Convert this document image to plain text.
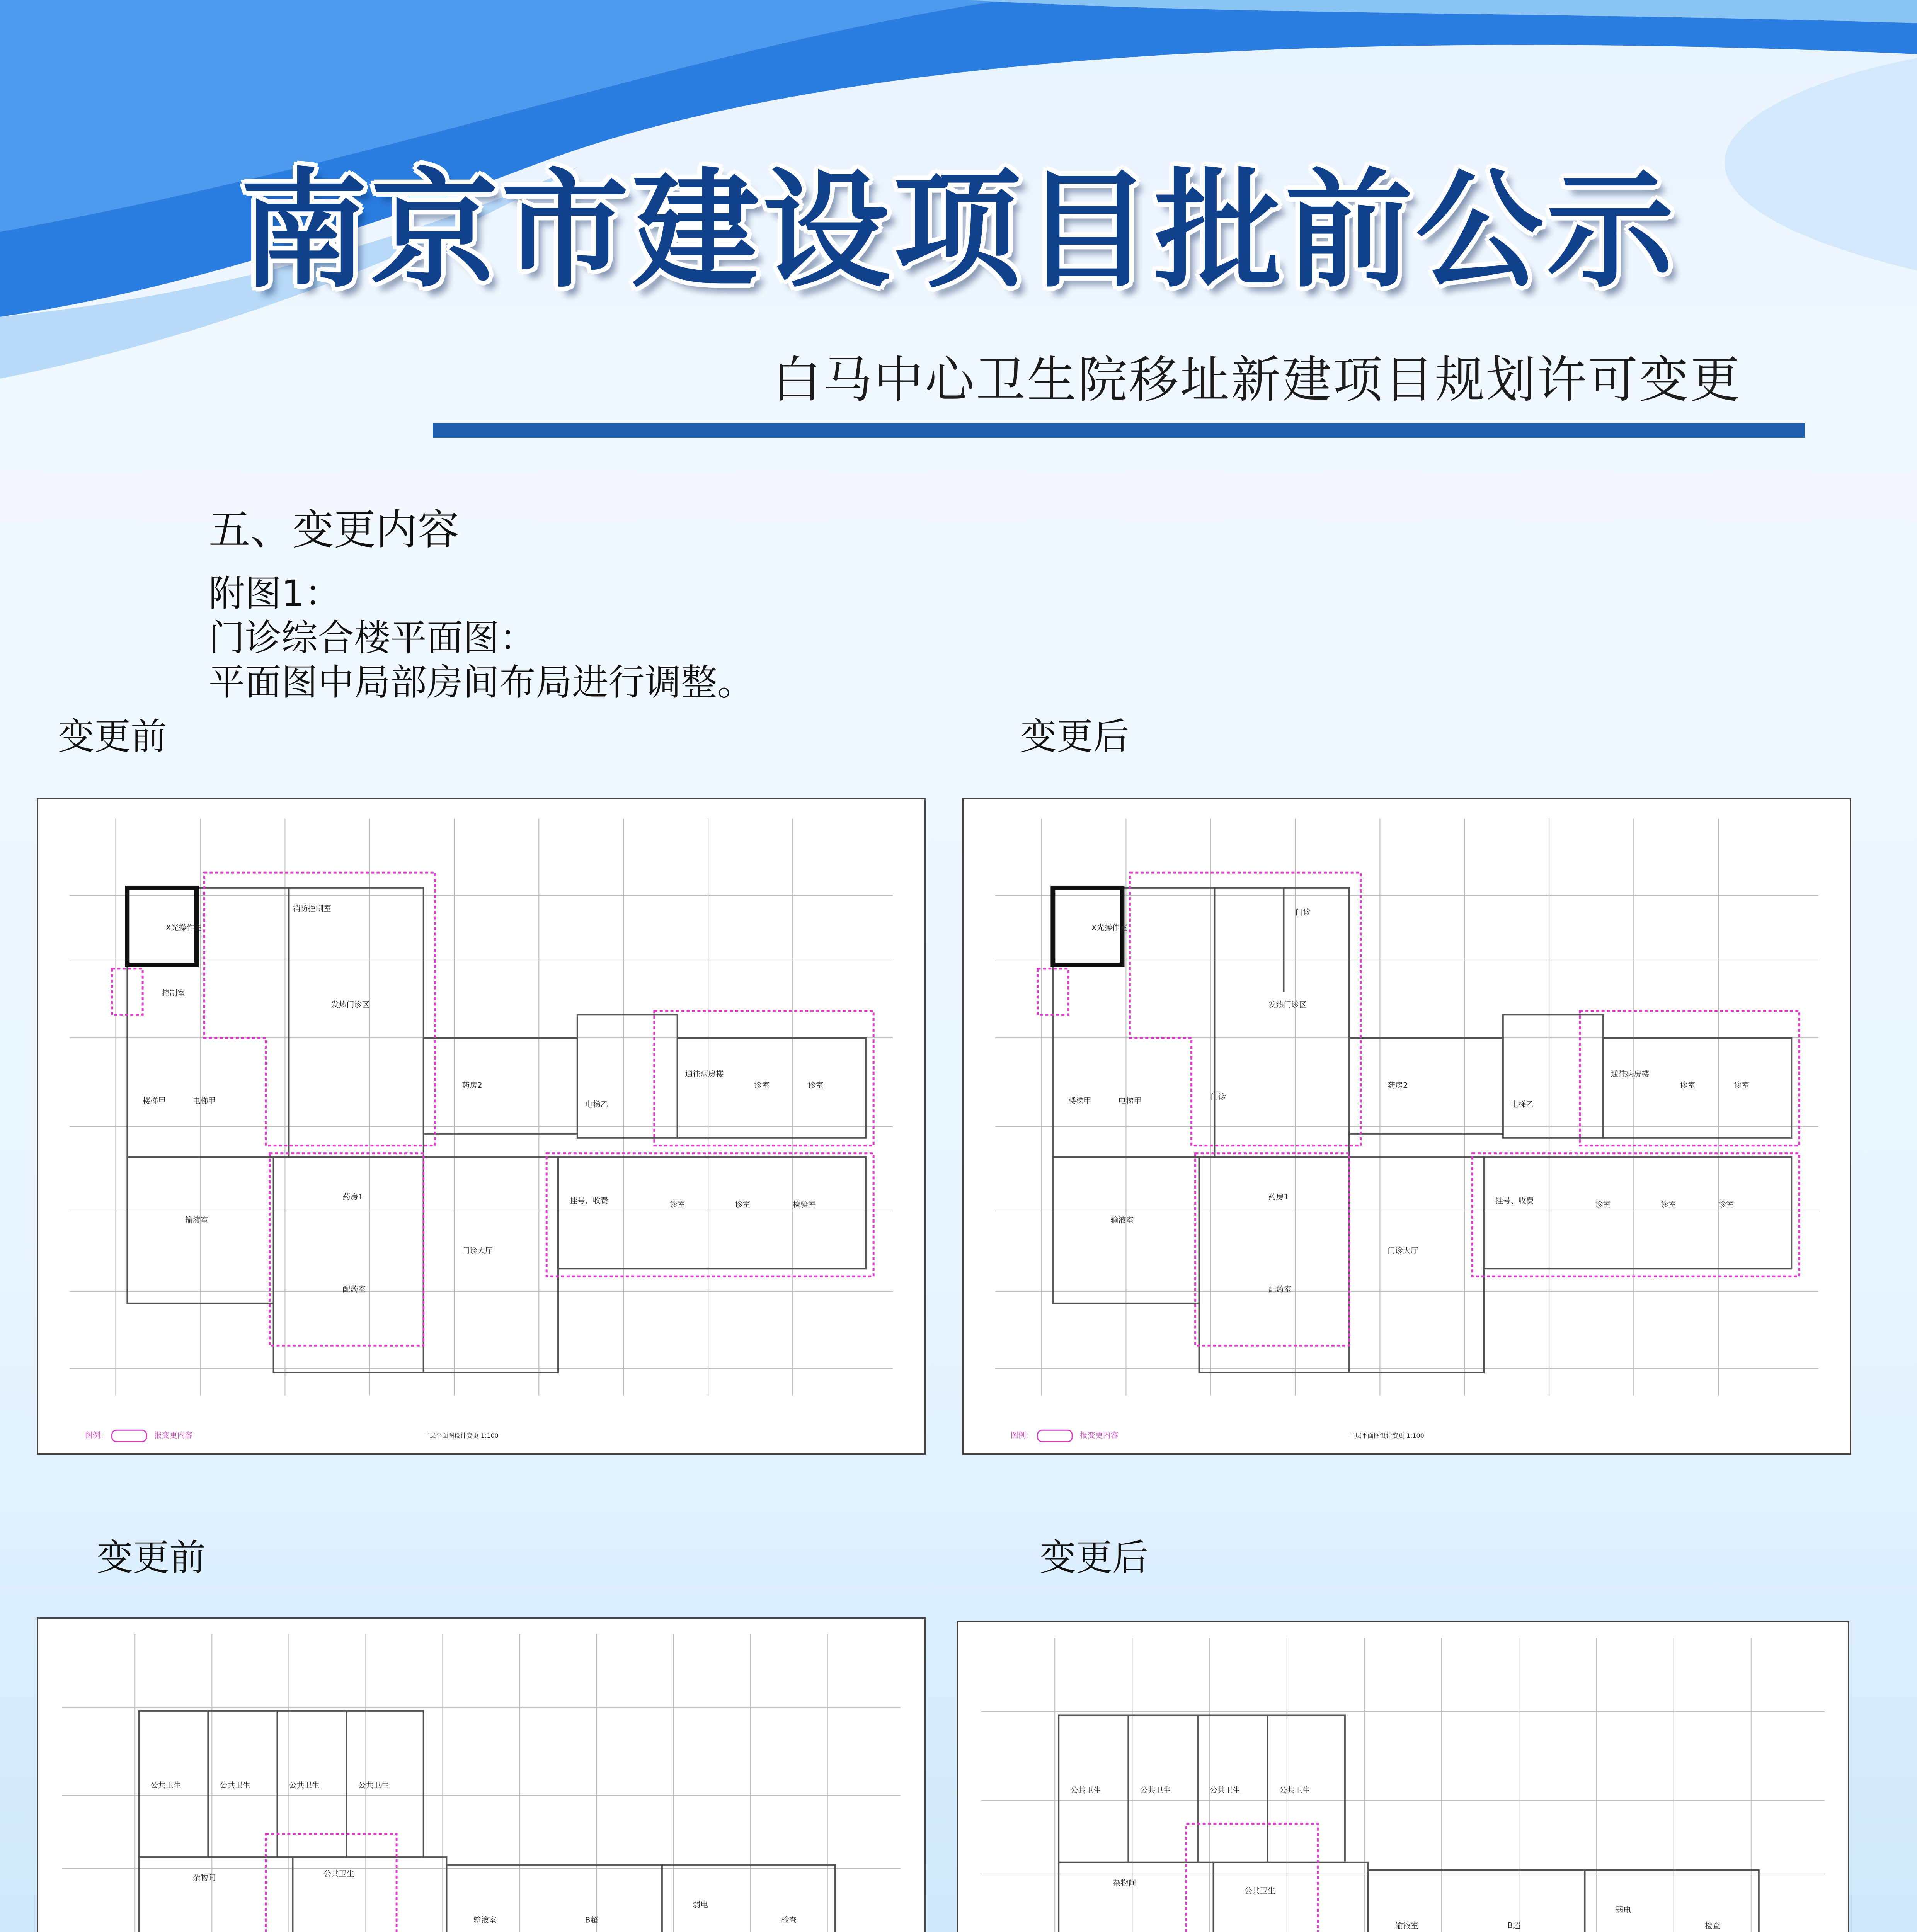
南京市建设项目批前公示
白马中心卫生院移址新建项目规划许可变更
五、变更内容
附图1：
门诊综合楼平面图：
平面图中局部房间布局进行调整。
变更前	变更后
变更前	变更后
X光操作室
消防控制室
发热门诊区
控制室
药房2
电梯乙
通往病房楼
诊室	诊室
楼梯甲	电梯甲
药房1
输液室
挂号、收费	诊室	诊室	检验室
配药室
门诊大厅
图例：	报变更内容	二层平面图设计变更 1:100
X光操作室
门诊
发热门诊区
门诊
药房2
电梯乙
通往病房楼
诊室	诊室
楼梯甲	电梯甲
药房1
输液室
挂号、收费	诊室	诊室	诊室
配药室
门诊大厅
图例：	报变更内容	二层平面图设计变更 1:100
公共卫生	公共卫生	公共卫生	公共卫生
杂物间	公共卫生
输液室	B超
弱电
检查
公共卫生	公共卫生	公共卫生	公共卫生
杂物间
公共卫生
输液室	B超
弱电
检查
